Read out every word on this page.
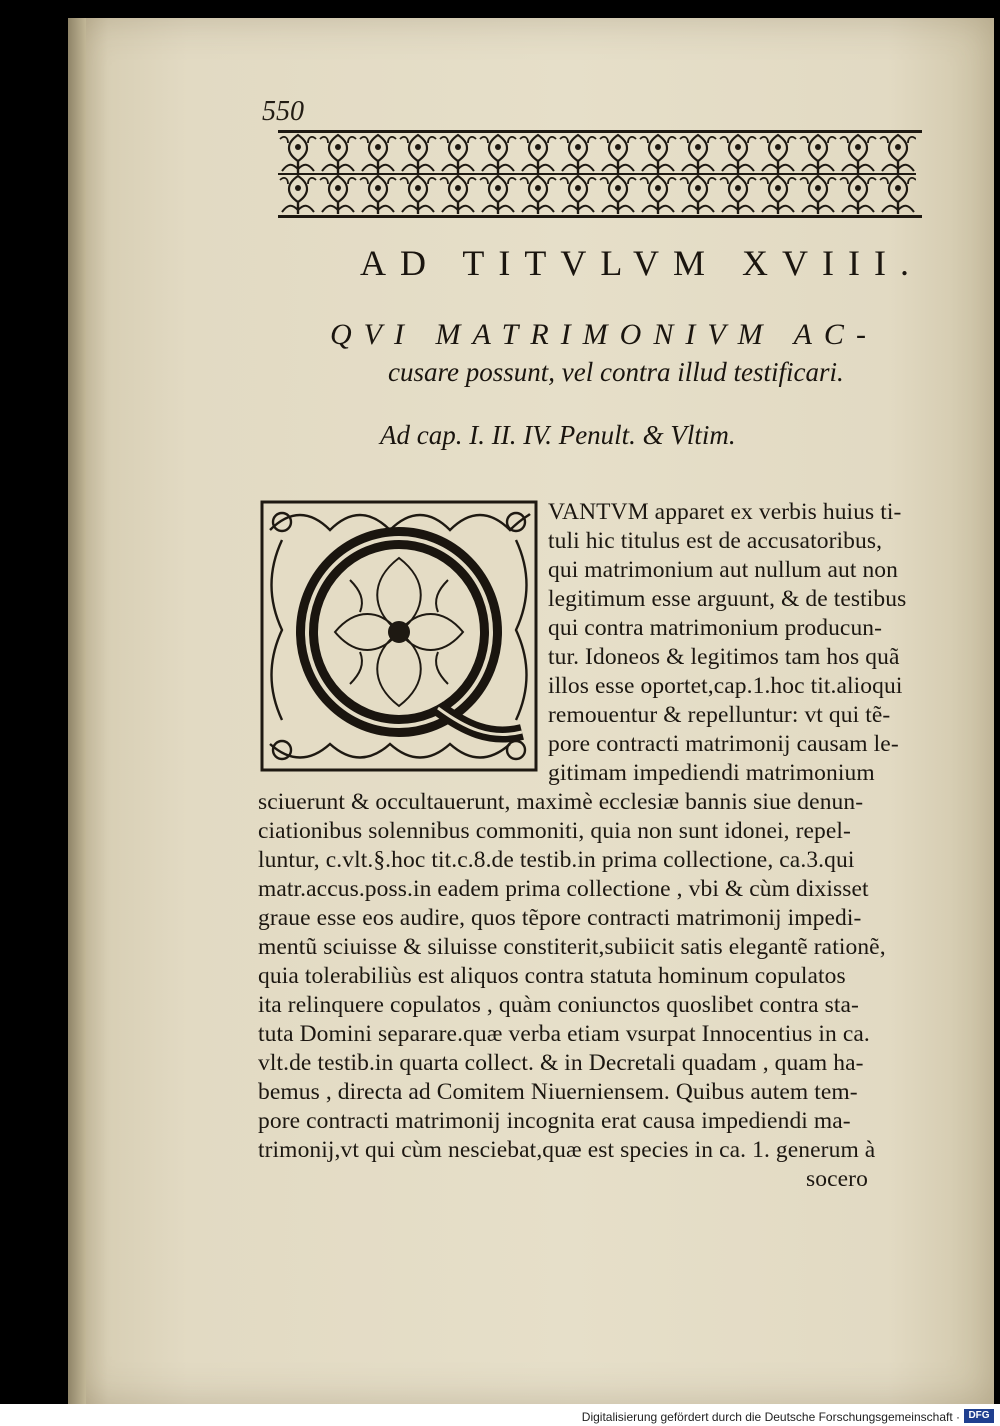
550
AD TITVLVM XVIII.
QVI MATRIMONIVM AC-
cusare possunt, vel contra illud testificari.
Ad cap. I. II. IV. Penult. & Vltim.
VANTVM apparet ex verbis huius ti-
tuli hic titulus est de accusatoribus,
qui matrimonium aut nullum aut non
legitimum esse arguunt, & de testibus
qui contra matrimonium producun-
tur. Idoneos & legitimos tam hos quã
illos esse oportet,cap.1.hoc tit.alioqui
remouentur & repelluntur: vt qui tẽ-
pore contracti matrimonij causam le-
gitimam impediendi matrimonium
sciuerunt & occultauerunt, maximè ecclesiæ bannis siue denun-
ciationibus solennibus commoniti, quia non sunt idonei, repel-
luntur, c.vlt.§.hoc tit.c.8.de testib.in prima collectione, ca.3.qui
matr.accus.poss.in eadem prima collectione , vbi & cùm dixisset
graue esse eos audire, quos tẽpore contracti matrimonij impedi-
mentũ sciuisse & siluisse constiterit,subiicit satis elegantẽ rationẽ,
quia tolerabiliùs est aliquos contra statuta hominum copulatos
ita relinquere copulatos , quàm coniunctos quoslibet contra sta-
tuta Domini separare.quæ verba etiam vsurpat Innocentius in ca.
vlt.de testib.in quarta collect. & in Decretali quadam , quam ha-
bemus , directa ad Comitem Niuerniensem. Quibus autem tem-
pore contracti matrimonij incognita erat causa impediendi ma-
trimonij,vt qui cùm nesciebat,quæ est species in ca. 1. generum à
socero
Digitalisierung gefördert durch die Deutsche Forschungsgemeinschaft · DFG
